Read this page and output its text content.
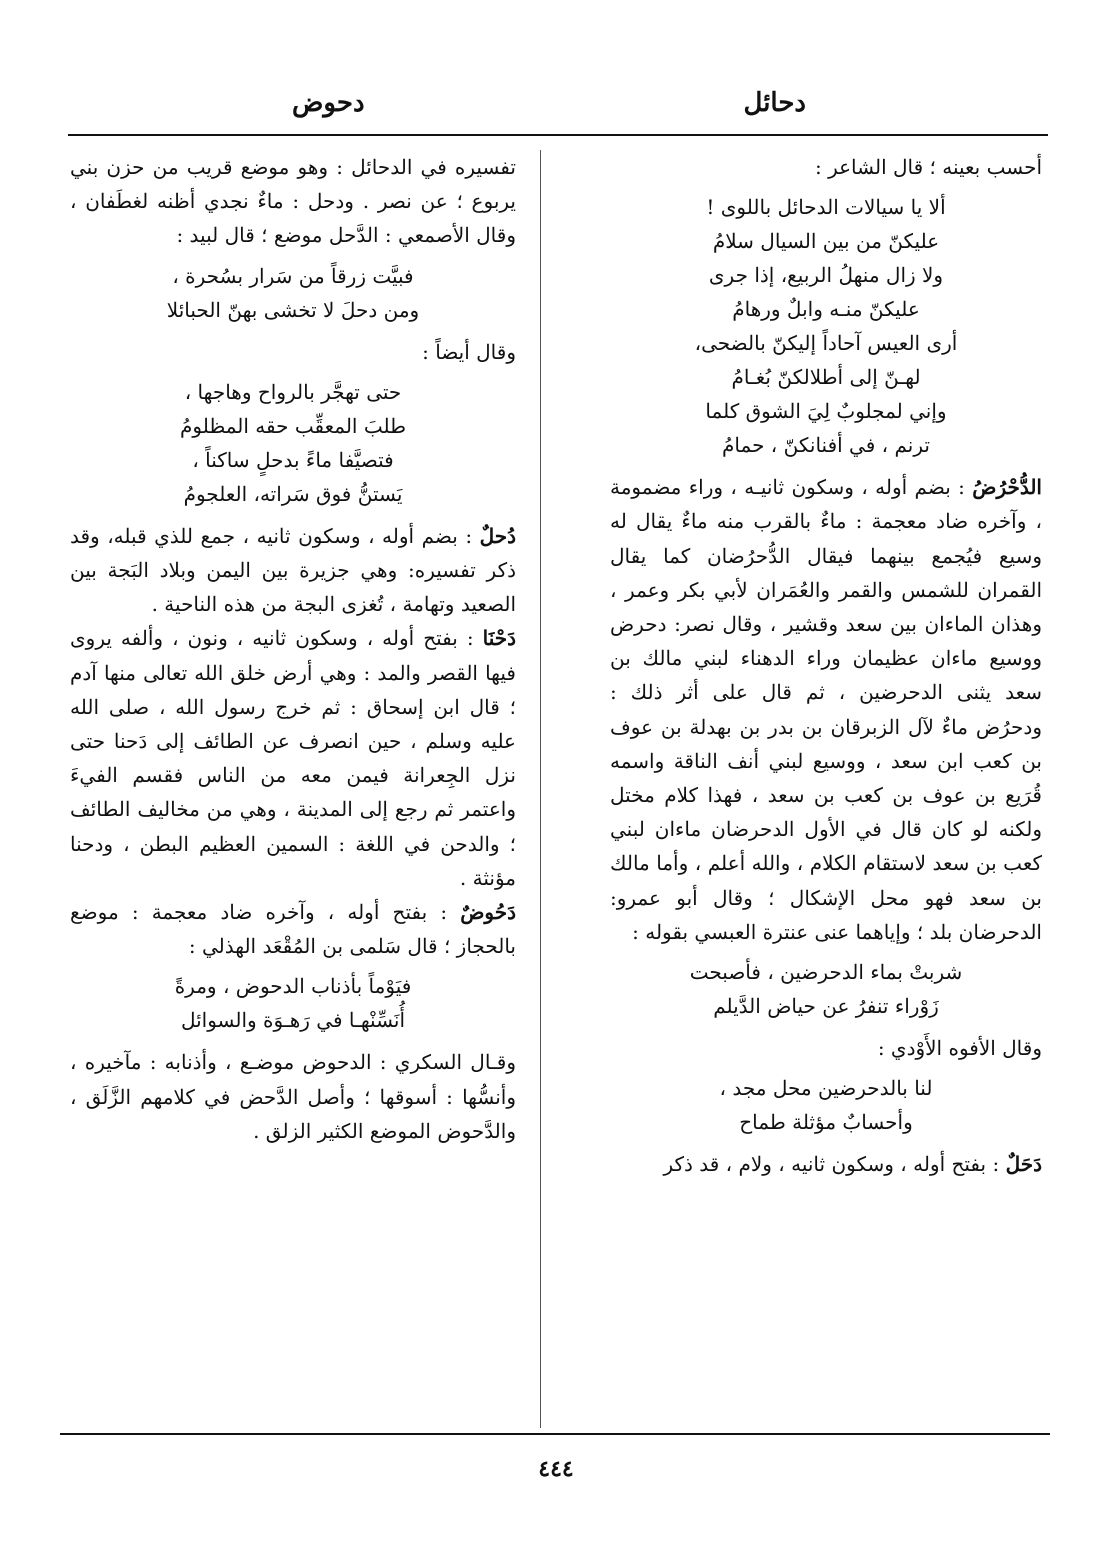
دحائل
دحوض

أحسب بعينه ؛ قال الشاعر :

ألا يا سيالات الدحائل باللوى !
عليكنّ من بين السيال سلامُ
ولا زال منهلُ الربيع، إذا جرى
عليكنّ منـه وابلٌ ورهامُ
أرى العيس آحاداً إليكنّ بالضحى،
لهـنّ إلى أطلالكنّ بُغـامُ
وإني لمجلوبٌ لِيَ الشوق كلما
ترنم ، في أفنانكنّ ، حمامُ

الدُّحْرُضُ : بضم أوله ، وسكون ثانيـه ، وراء مضمومة ، وآخره ضاد معجمة : ماءٌ بالقرب منه ماءٌ يقال له وسيع فيُجمع بينهما فيقال الدُّحرُضان كما يقال القمران للشمس والقمر والعُمَران لأبي بكر وعمر ، وهذان الماءان بين سعد وقشير ، وقال نصر: دحرض ووسيع ماءان عظيمان وراء الدهناء لبني مالك بن سعد يثنى الدحرضين ، ثم قال على أثر ذلك : ودحرُض ماءٌ لآل الزبرقان بن بدر بن بهدلة بن عوف بن كعب ابن سعد ، ووسيع لبني أنف الناقة واسمه قُرَيع بن عوف بن كعب بن سعد ، فهذا كلام مختل ولكنه لو كان قال في الأول الدحرضان ماءان لبني كعب بن سعد لاستقام الكلام ، والله أعلم ، وأما مالك بن سعد فهو محل الإشكال ؛ وقال أبو عمرو: الدحرضان بلد ؛ وإياهما عنى عنترة العبسي بقوله :

شربتْ بماء الدحرضين ، فأصبحت
زَوْراء تنفرُ عن حياض الدَّيلم

وقال الأفوه الأَوْدي :

لنا بالدحرضين محل مجد ،
وأحسابٌ مؤثلة طماح

دَحَلٌ : بفتح أوله ، وسكون ثانيه ، ولام ، قد ذكر

تفسيره في الدحائل : وهو موضع قريب من حزن بني يربوع ؛ عن نصر . ودحل : ماءٌ نجدي أظنه لغطَفان ، وقال الأصمعي : الدَّحل موضع ؛ قال لبيد :

فبيَّت زرقاً من سَرار بسُحرة ،
ومن دحلَ لا تخشى بهنّ الحبائلا

وقال أيضاً :

حتى تهجَّر بالرواح وهاجها ،
طلبَ المعقِّب حقه المظلومُ
فتصيَّفا ماءً بدحلٍ ساكناً ،
يَستنُّ فوق سَراته، العلجومُ

دُحلٌ : بضم أوله ، وسكون ثانيه ، جمع للذي قبله، وقد ذكر تفسيره: وهي جزيرة بين اليمن وبلاد البَجة بين الصعيد وتهامة ، تُغزى البجة من هذه الناحية .

دَحْنَا : بفتح أوله ، وسكون ثانيه ، ونون ، وألفه يروى فيها القصر والمد : وهي أرض خلق الله تعالى منها آدم ؛ قال ابن إسحاق : ثم خرج رسول الله ، صلى الله عليه وسلم ، حين انصرف عن الطائف إلى دَحنا حتى نزل الجِعرانة فيمن معه من الناس فقسم الفيءَ واعتمر ثم رجع إلى المدينة ، وهي من مخاليف الطائف ؛ والدحن في اللغة : السمين العظيم البطن ، ودحنا مؤنثة .

دَحُوضٌ : بفتح أوله ، وآخره ضاد معجمة : موضع بالحجاز ؛ قال سَلمى بن المُقْعَد الهذلي :

فيَوْماً بأذناب الدحوض ، ومرةً
أُنَسِّنْهـا في رَهـوَة والسوائل

وقـال السكري : الدحوض موضـع ، وأذنابه : مآخيره ، وأنسُّها : أسوقها ؛ وأصل الدَّحض في كلامهم الزَّلَق ، والدَّحوض الموضع الكثير الزلق .

٤٤٤
